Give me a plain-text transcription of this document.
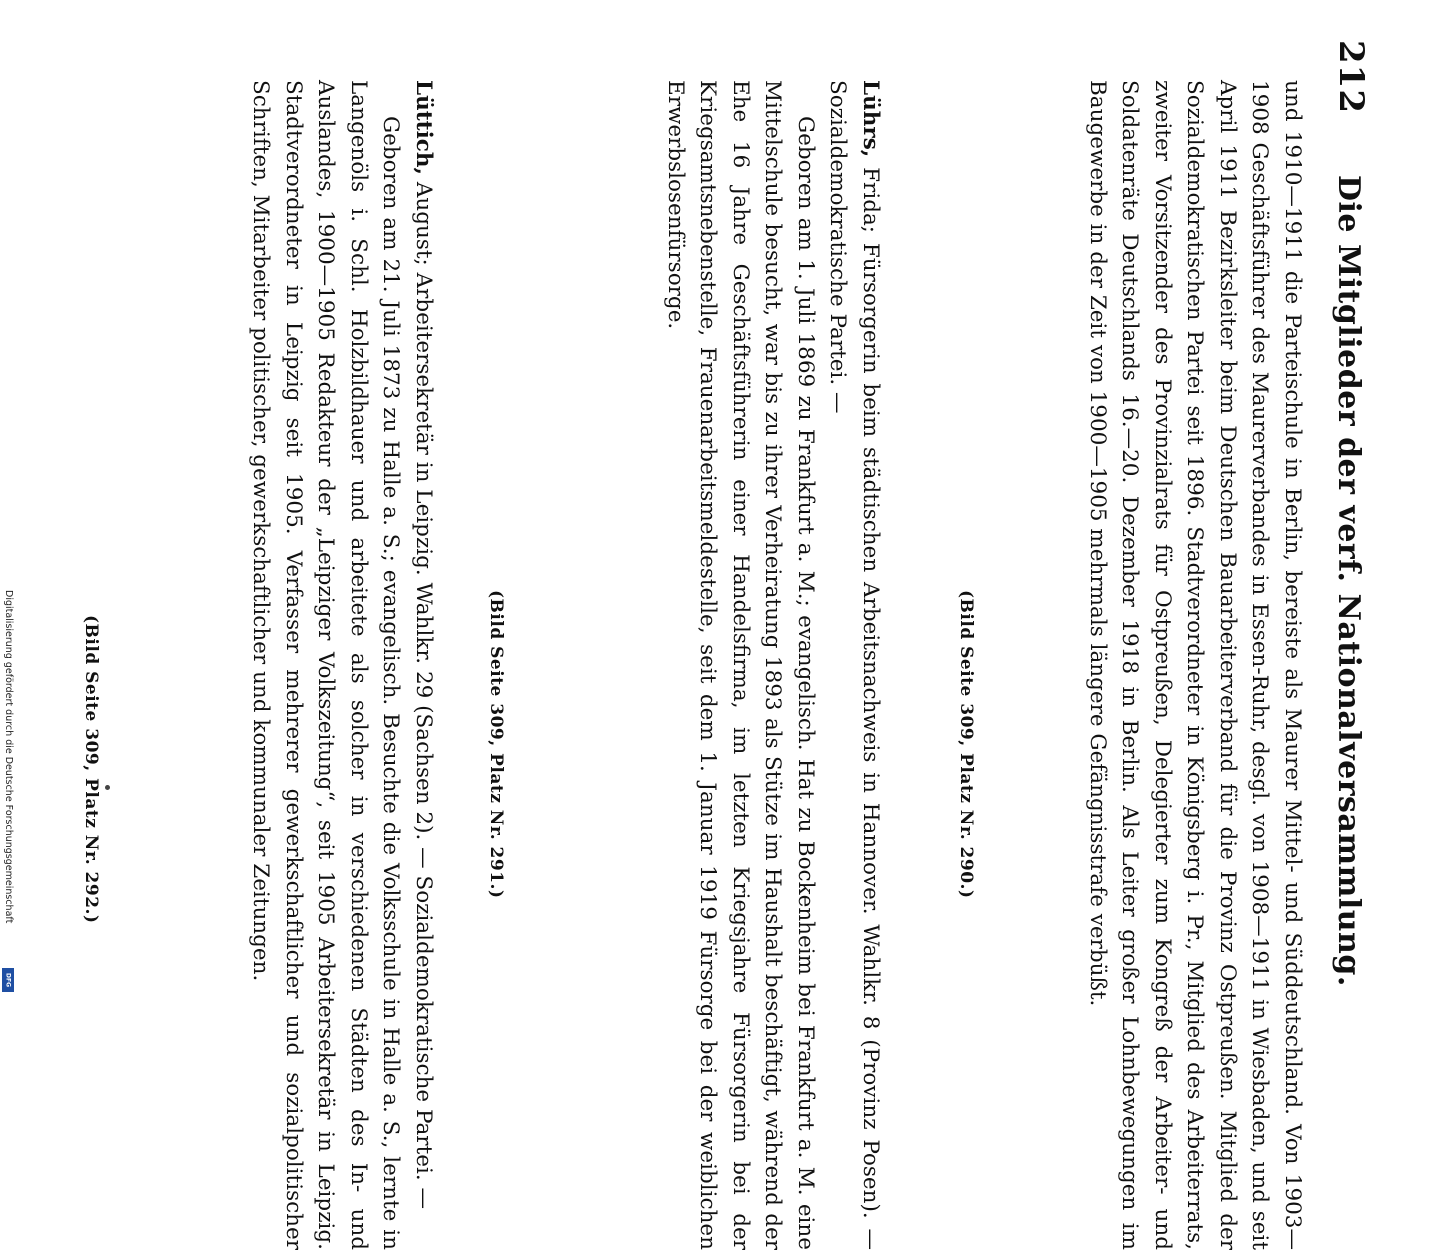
212
Die Mitglieder der verf. Nationalversammlung.

und 1910—1911 die Parteischule in Berlin, bereiste als Maurer Mittel- und Süddeutschland. Von 1903—1908 Geschäftsführer des Maurerverbandes in Essen-Ruhr, desgl. von 1908—1911 in Wiesbaden, und seit April 1911 Bezirksleiter beim Deutschen Bauarbeiterverband für die Provinz Ostpreußen. Mitglied der Sozialdemokratischen Partei seit 1896. Stadtverordneter in Königsberg i. Pr., Mitglied des Arbeiterrats, zweiter Vorsitzender des Provinzialrats für Ostpreußen, Delegierter zum Kongreß der Arbeiter- und Soldatenräte Deutschlands 16.—20. Dezember 1918 in Berlin. Als Leiter großer Lohnbewegungen im Baugewerbe in der Zeit von 1900—1905 mehrmals längere Gefängnisstrafe verbüßt.

(Bild Seite 309, Platz Nr. 290.)

Lührs, Frida; Fürsorgerin beim städtischen Arbeitsnachweis in Hannover. Wahlkr. 8 (Provinz Posen). — Sozialdemokratische Partei. —

Geboren am 1. Juli 1869 zu Frankfurt a. M.; evangelisch. Hat zu Bockenheim bei Frankfurt a. M. eine Mittelschule besucht, war bis zu ihrer Verheiratung 1893 als Stütze im Haushalt beschäftigt, während der Ehe 16 Jahre Geschäftsführerin einer Handelsfirma, im letzten Kriegsjahre Fürsorgerin bei der Kriegsamtsnebenstelle, Frauenarbeitsmeldestelle, seit dem 1. Januar 1919 Fürsorge bei der weiblichen Erwerbslosenfürsorge.

(Bild Seite 309, Platz Nr. 291.)

Lüttich, August; Arbeitersekretär in Leipzig. Wahlkr. 29 (Sachsen 2). — Sozialdemokratische Partei. —

Geboren am 21. Juli 1873 zu Halle a. S.; evangelisch. Besuchte die Volksschule in Halle a. S., lernte in Langenöls i. Schl. Holzbildhauer und arbeitete als solcher in verschiedenen Städten des In- und Auslandes, 1900—1905 Redakteur der „Leipziger Volkszeitung“, seit 1905 Arbeitersekretär in Leipzig. Stadtverordneter in Leipzig seit 1905. Verfasser mehrerer gewerkschaftlicher und sozialpolitischer Schriften, Mitarbeiter politischer, gewerkschaftlicher und kommunaler Zeitungen.

(Bild Seite 309, Platz Nr. 292.)
Digitalisierung gefördert durch die Deutsche Forschungsgemeinschaft
DFG
